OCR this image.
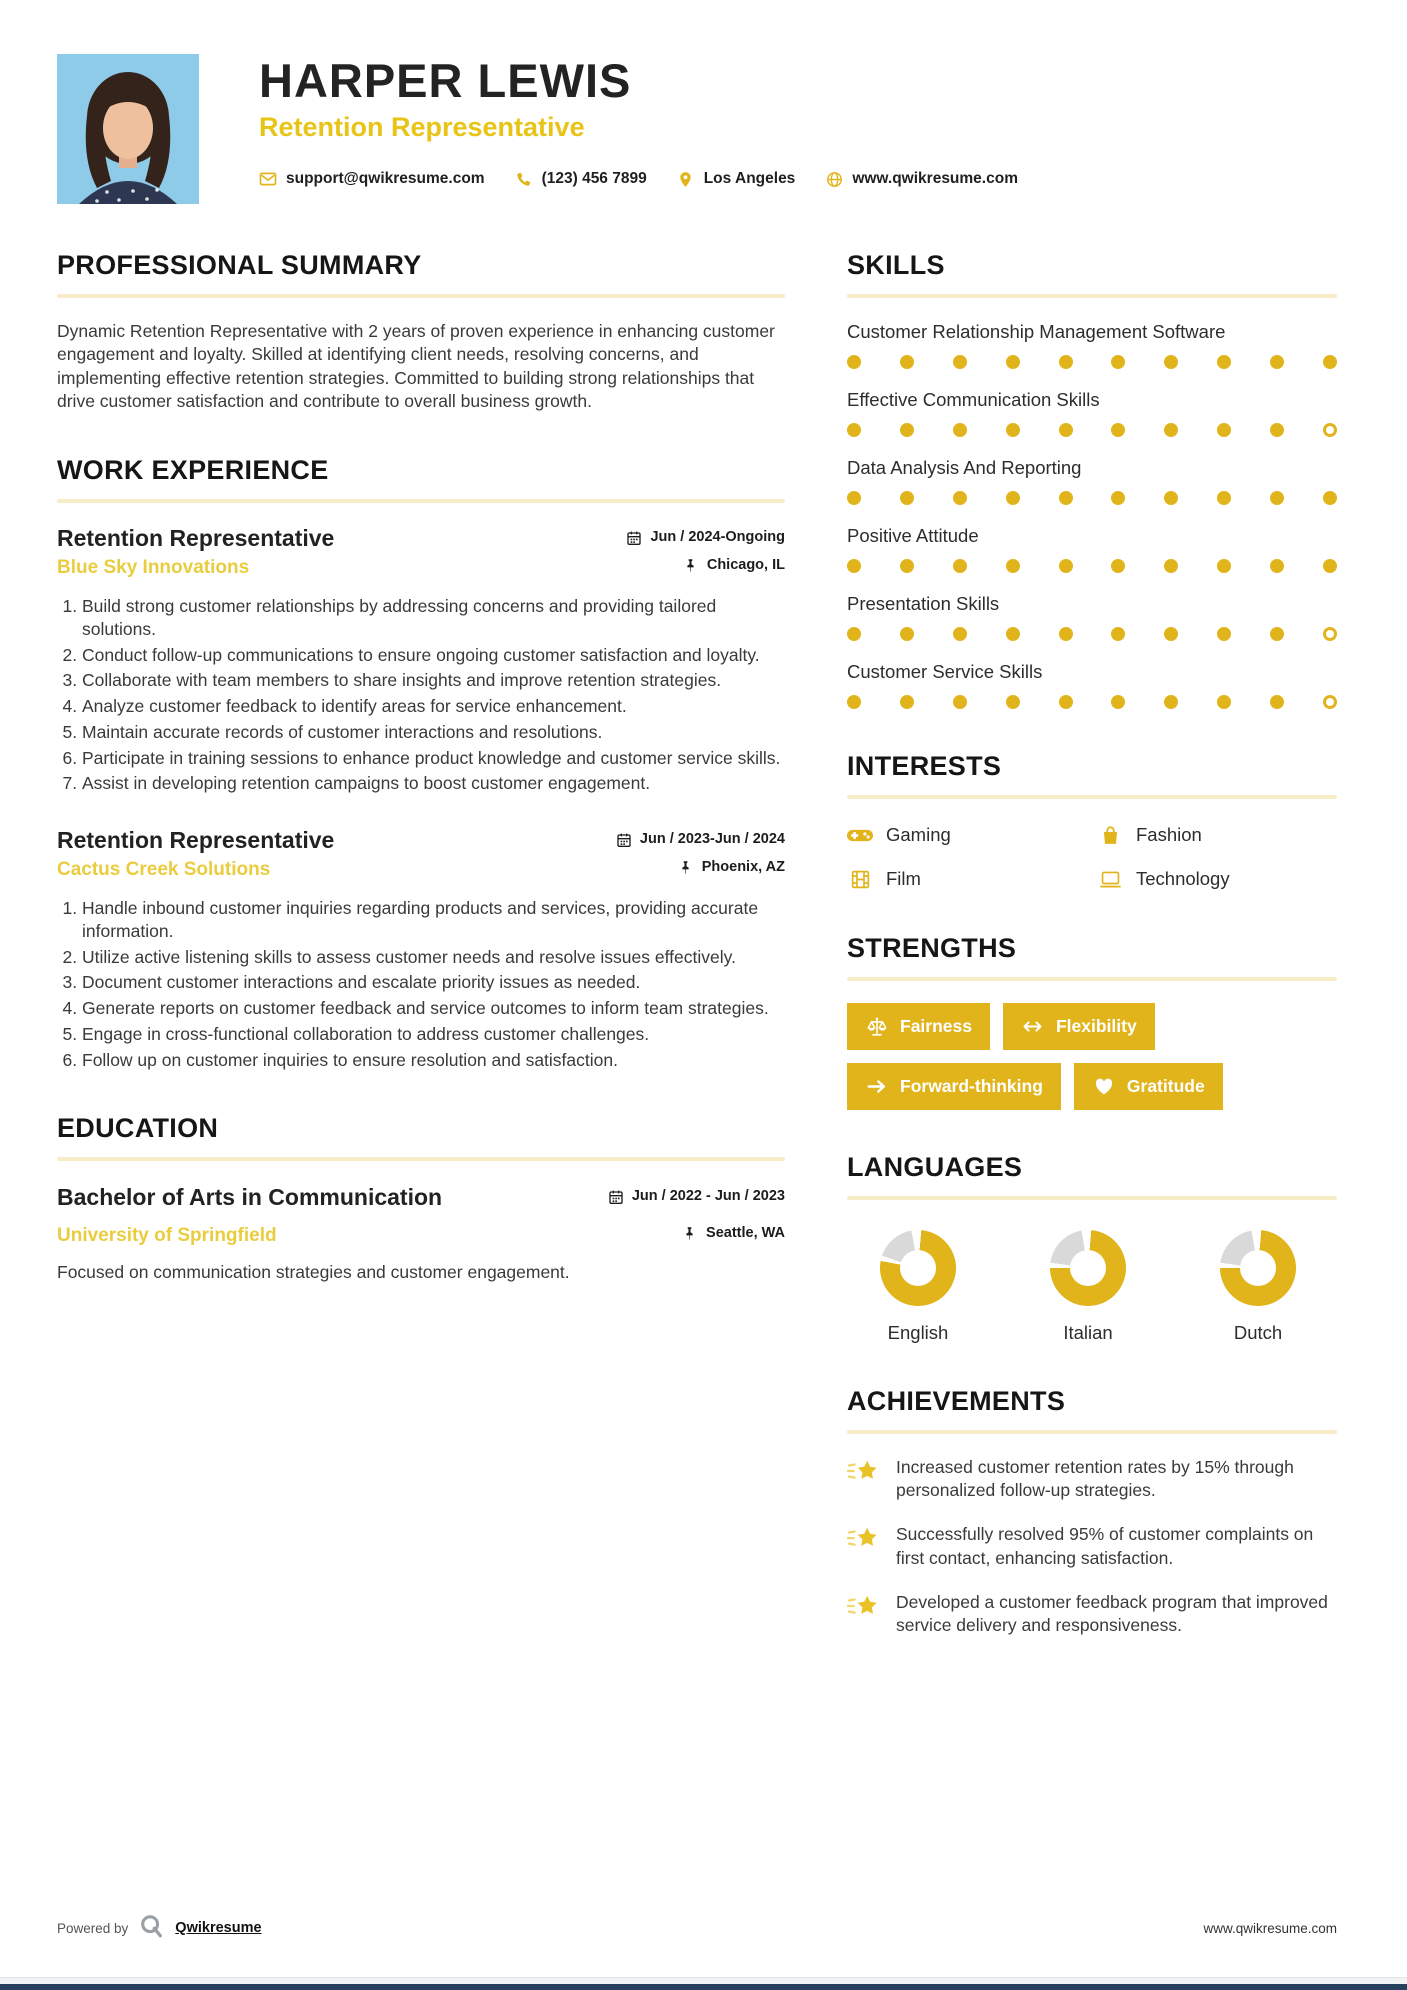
HARPER LEWIS
Retention Representative
support@qwikresume.com	(123) 456 7899	Los Angeles	www.qwikresume.com
PROFESSIONAL SUMMARY

Dynamic Retention Representative with 2 years of proven experience in enhancing customer engagement and loyalty. Skilled at identifying client needs, resolving concerns, and implementing effective retention strategies. Committed to building strong relationships that drive customer satisfaction and contribute to overall business growth.

WORK EXPERIENCE
Retention Representative	Jun / 2024-Ongoing
Blue Sky Innovations	Chicago, IL
1. Build strong customer relationships by addressing concerns and providing tailored solutions.
2. Conduct follow-up communications to ensure ongoing customer satisfaction and loyalty.
3. Collaborate with team members to share insights and improve retention strategies.
4. Analyze customer feedback to identify areas for service enhancement.
5. Maintain accurate records of customer interactions and resolutions.
6. Participate in training sessions to enhance product knowledge and customer service skills.
7. Assist in developing retention campaigns to boost customer engagement.
Retention Representative	Jun / 2023-Jun / 2024
Cactus Creek Solutions	Phoenix, AZ
1. Handle inbound customer inquiries regarding products and services, providing accurate information.
2. Utilize active listening skills to assess customer needs and resolve issues effectively.
3. Document customer interactions and escalate priority issues as needed.
4. Generate reports on customer feedback and service outcomes to inform team strategies.
5. Engage in cross-functional collaboration to address customer challenges.
6. Follow up on customer inquiries to ensure resolution and satisfaction.
EDUCATION
Bachelor of Arts in Communication	Jun / 2022 - Jun / 2023
University of Springfield	Seattle, WA

Focused on communication strategies and customer engagement.

SKILLS
Customer Relationship Management Software
Effective Communication Skills
Data Analysis And Reporting
Positive Attitude
Presentation Skills
Customer Service Skills
INTERESTS
Gaming	Fashion
Film	Technology
STRENGTHS
Fairness	Flexibility
Forward-thinking	Gratitude
LANGUAGES
English	Italian	Dutch
ACHIEVEMENTS
Increased customer retention rates by 15% through personalized follow-up strategies.
Successfully resolved 95% of customer complaints on first contact, enhancing satisfaction.
Developed a customer feedback program that improved service delivery and responsiveness.
Powered by	Qwikresume	www.qwikresume.com
